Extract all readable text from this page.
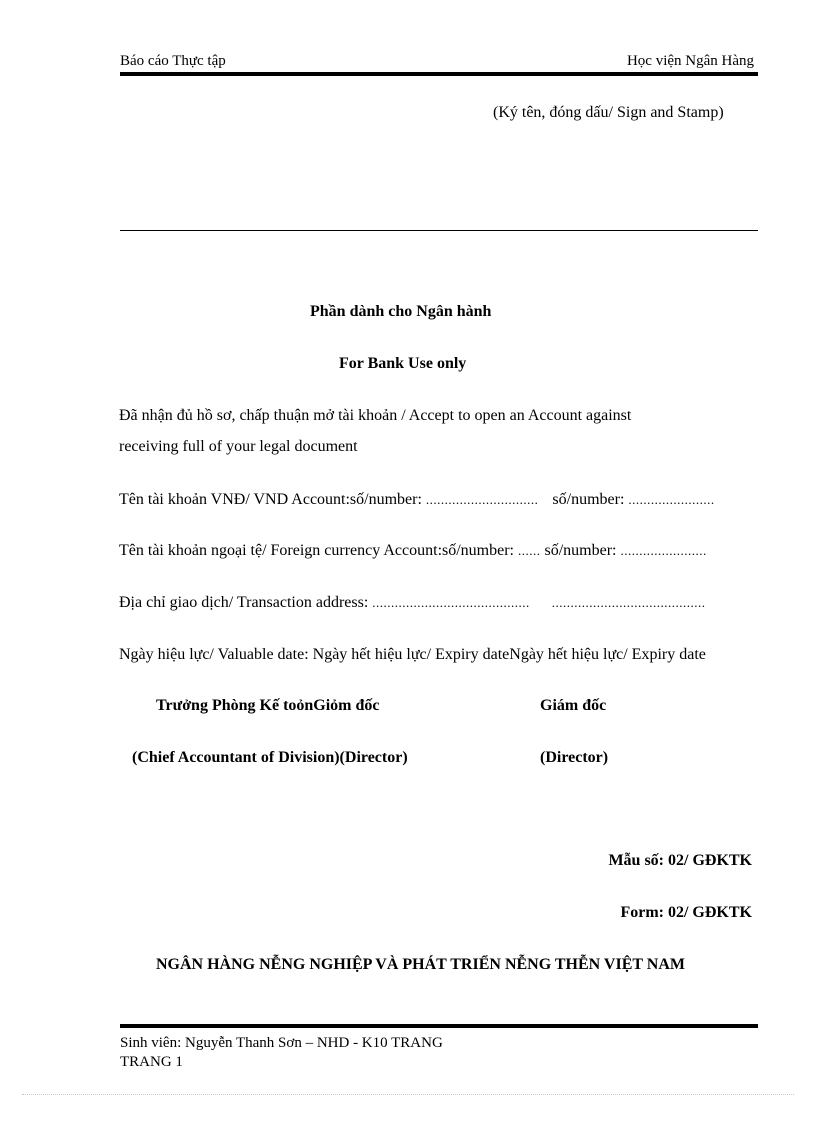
Báo cáo Thực tập	Học viện Ngân Hàng
(Ký tên, đóng dấu/ Sign and Stamp)
Phần dành cho Ngân hành
For Bank Use only
Đã nhận đủ hồ sơ, chấp thuận mở tài khoản / Accept to open an Account against
receiving full of your legal document
Tên tài khoản VNĐ/ VND Account:số/number: .............................. số/number: .......................
Tên tài khoản ngoại tệ/ Foreign currency Account:số/number: ...... số/number: .......................
Địa chỉ giao dịch/ Transaction address: .......................................... .........................................
Ngày hiệu lực/ Valuable date: Ngày hết hiệu lực/ Expiry dateNgày hết hiệu lực/ Expiry date
Trưởng Phòng Kế toỏnGiỏm đốc	Giám đốc
(Chief Accountant of Division)(Director)	(Director)
Mẫu số: 02/ GĐKTK
Form: 02/ GĐKTK
NGÂN HÀNG NỄNG NGHIỆP VÀ PHÁT TRIỂN NỄNG THỄN VIỆT NAM
Sinh viên: Nguyễn Thanh Sơn – NHD - K10 TRANG
TRANG 1
